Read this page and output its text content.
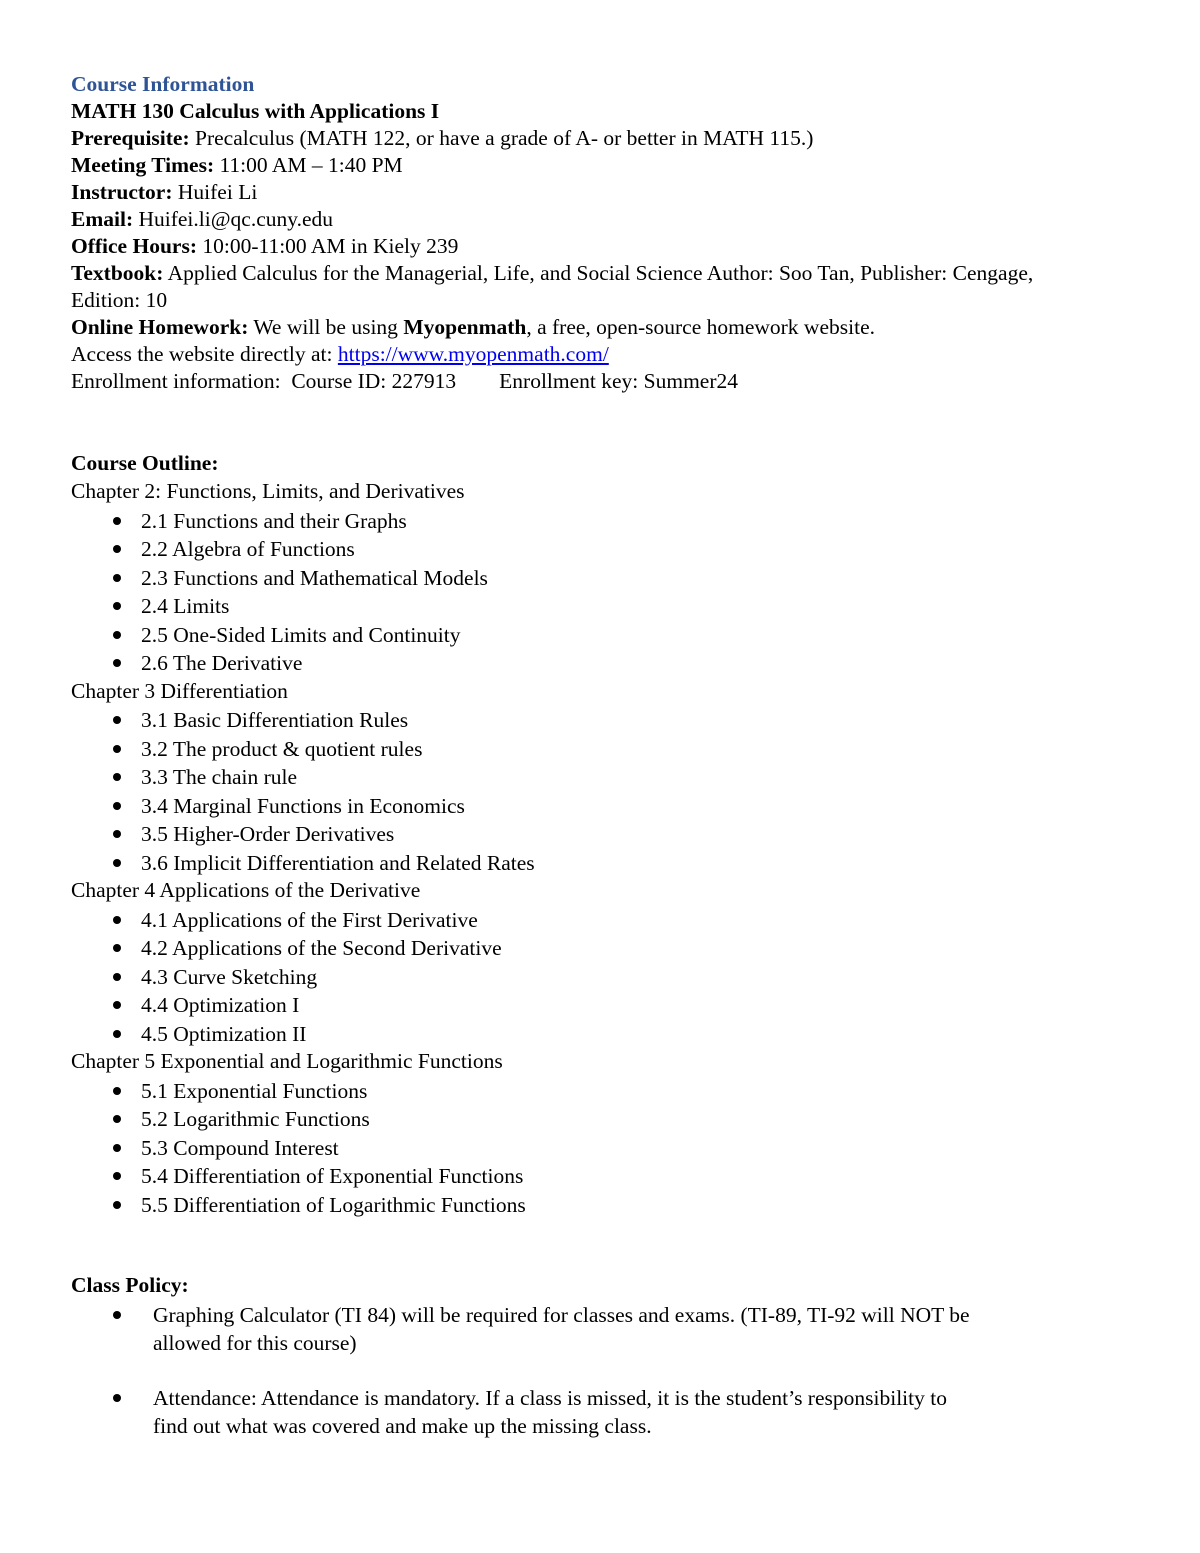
Course Information
MATH 130 Calculus with Applications I
Prerequisite: Precalculus (MATH 122, or have a grade of A- or better in MATH 115.)
Meeting Times: 11:00 AM – 1:40 PM
Instructor: Huifei Li
Email: Huifei.li@qc.cuny.edu
Office Hours: 10:00-11:00 AM in Kiely 239
Textbook: Applied Calculus for the Managerial, Life, and Social Science Author: Soo Tan, Publisher: Cengage,
Edition: 10
Online Homework: We will be using Myopenmath, a free, open-source homework website.
Access the website directly at: https://www.myopenmath.com/
Enrollment information:  Course ID: 227913        Enrollment key: Summer24
Course Outline:
Chapter 2: Functions, Limits, and Derivatives
2.1 Functions and their Graphs
2.2 Algebra of Functions
2.3 Functions and Mathematical Models
2.4 Limits
2.5 One-Sided Limits and Continuity
2.6 The Derivative
Chapter 3 Differentiation
3.1 Basic Differentiation Rules
3.2 The product & quotient rules
3.3 The chain rule
3.4 Marginal Functions in Economics
3.5 Higher-Order Derivatives
3.6 Implicit Differentiation and Related Rates
Chapter 4 Applications of the Derivative
4.1 Applications of the First Derivative
4.2 Applications of the Second Derivative
4.3 Curve Sketching
4.4 Optimization I
4.5 Optimization II
Chapter 5 Exponential and Logarithmic Functions
5.1 Exponential Functions
5.2 Logarithmic Functions
5.3 Compound Interest
5.4 Differentiation of Exponential Functions
5.5 Differentiation of Logarithmic Functions
Class Policy:
Graphing Calculator (TI 84) will be required for classes and exams. (TI-89, TI-92 will NOT be allowed for this course)
Attendance: Attendance is mandatory. If a class is missed, it is the student’s responsibility to find out what was covered and make up the missing class.
